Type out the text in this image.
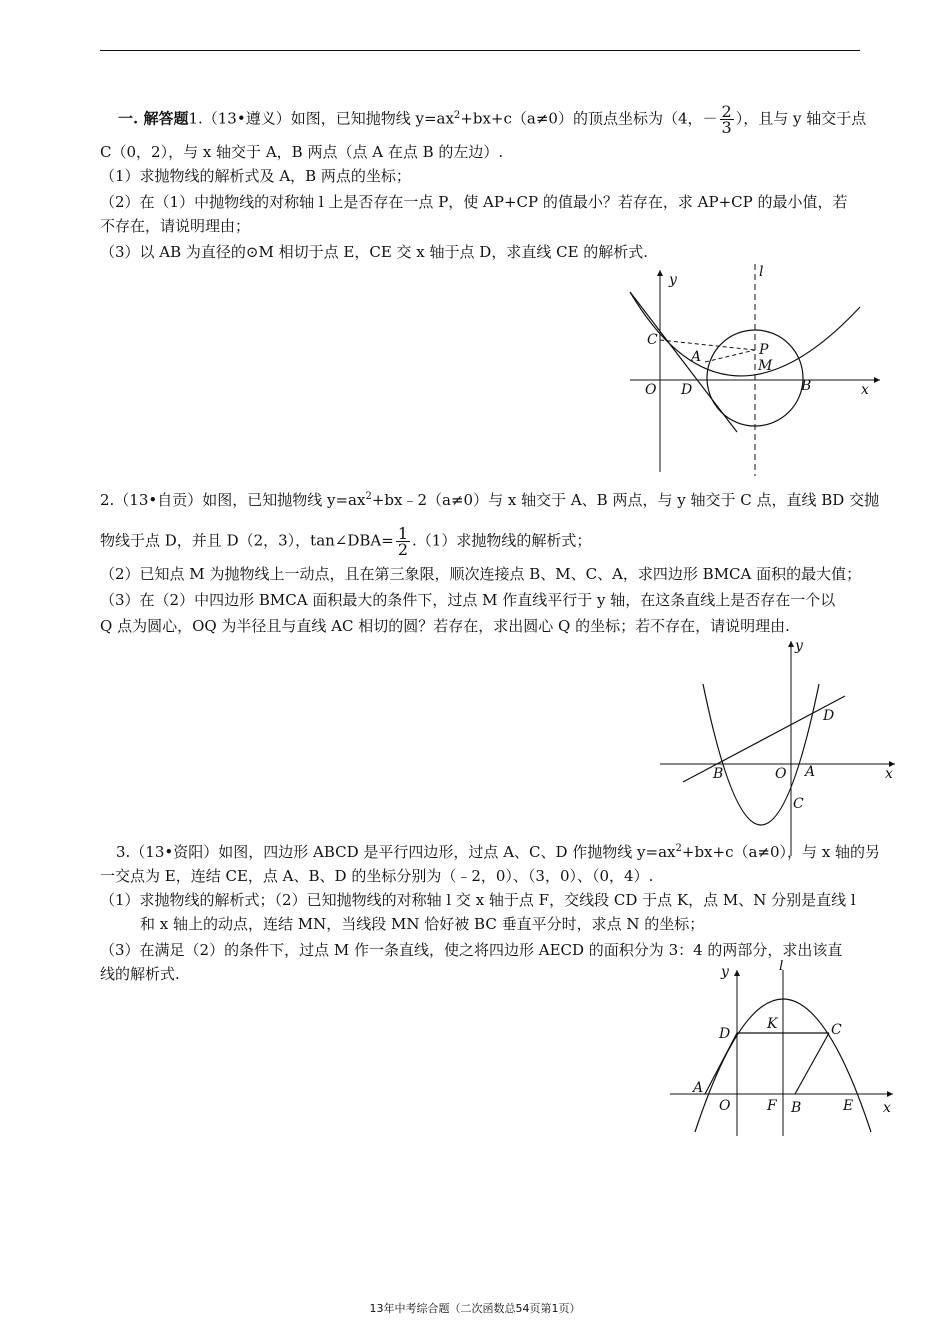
一. 解答题1.（13•遵义）如图，已知抛物线 $y=ax^2+bx+c(a\ne 0)$的顶点坐标为（4，－ $\frac{2}{3}$ ），且与 y 轴交于点
C（0，2），与 x 轴交于 A，B 两点（点 A 在点 B 的左边）.
（1）求抛物线的解析式及 A，B 两点的坐标；
（2）在（1）中抛物线的对称轴 l 上是否存在一点 P，使 AP+CP 的值最小？若存在，求 AP+CP 的最小值，若
不存在，请说明理由；
（3）以 AB 为直径的⊙M 相切于点 E，CE 交 x 轴于点 D，求直线 CE 的解析式.
C
A	P
M
O D	B	x
y	l
2.（13•自贡）如图，已知抛物线 $y=ax^2+bx﹣2(a\ne 0)$与 x 轴交于 A、B 两点，与 y 轴交于 C 点，直线 BD 交抛
物线于点 D，并且 D（2，3），tan∠DBA= $\frac{1}{2} .(1)$求抛物线的解析式；
（2）已知点 M 为抛物线上一动点，且在第三象限，顺次连接点 B、M、C、A，求四边形 BMCA 面积的最大值；
（3）在（2）中四边形 BMCA 面积最大的条件下，过点 M 作直线平行于 y 轴，在这条直线上是否存在一个以
Q 点为圆心，OQ 为半径且与直线 AC 相切的圆？若存在，求出圆心 Q 的坐标；若不存在，请说明理由.
y
D
B	O A
C
x
3.（13•资阳）如图，四边形 ABCD 是平行四边形，过点 A、C、D 作抛物线 $y=ax^2+bx+c(a\ne 0)$，与 x 轴的另
一交点为 E，连结 CE，点 A、B、D 的坐标分别为（﹣2，0）、（3，0）、（0，4）.
（1）求抛物线的解析式；（2）已知抛物线的对称轴 l 交 x 轴于点 F，交线段 CD 于点 K，点 M、N 分别是直线 l
和 x 轴上的动点，连结 MN，当线段 MN 恰好被 BC 垂直平分时，求点 N 的坐标；
（3）在满足（2）的条件下，过点 M 作一条直线，使之将四边形 AECD 的面积分为 3：4 的两部分，求出该直
线的解析式.	y	l
D
K	C
A
O	F B	E x
13年中考综合题（二次函数总54页第1页）
